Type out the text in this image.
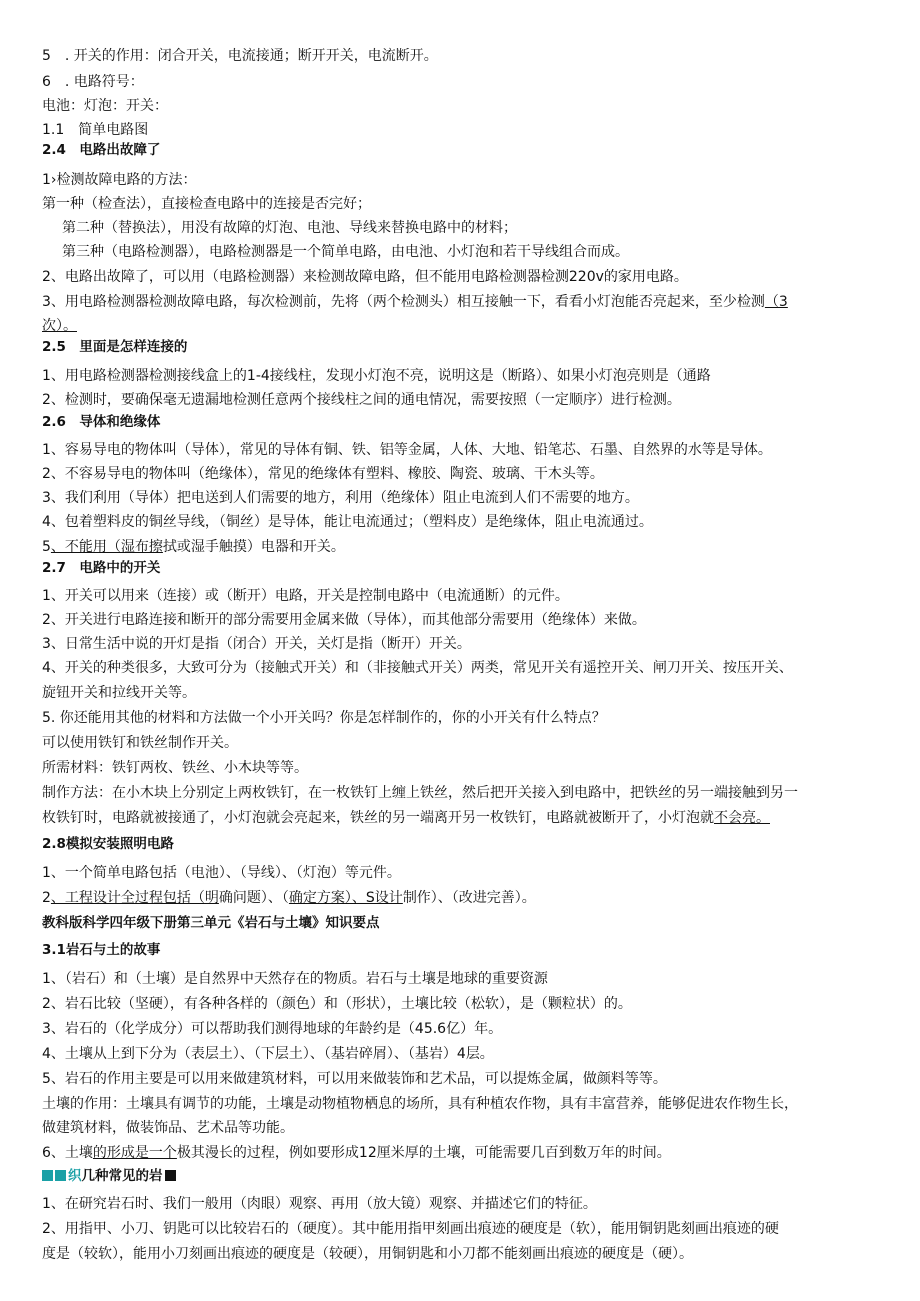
5　. 开关的作用：闭合开关，电流接通；断开开关，电流断开。
6　. 电路符号：
电池：灯泡：开关：
1.1　简单电路图
2.4　电路出故障了
1›检测故障电路的方法：
第一种（检查法），直接检查电路中的连接是否完好；
第二种（替换法），用没有故障的灯泡、电池、导线来替换电路中的材料；
第三种（电路检测器），电路检测器是一个简单电路，由电池、小灯泡和若干导线组合而成。
2、电路出故障了，可以用（电路检测器）来检测故障电路，但不能用电路检测器检测220v的家用电路。
3、用电路检测器检测故障电路，每次检测前，先将（两个检测头）相互接触一下，看看小灯泡能否亮起来，至少检测（3
次）。
2.5　里面是怎样连接的
1、用电路检测器检测接线盒上的1-4接线柱，发现小灯泡不亮，说明这是（断路）、如果小灯泡亮则是（通路
2、检测时，要确保毫无遗漏地检测任意两个接线柱之间的通电情况，需要按照（一定顺序）进行检测。
2.6　导体和绝缘体
1、容易导电的物体叫（导体），常见的导体有铜、铁、铝等金属，人体、大地、铅笔芯、石墨、自然界的水等是导体。
2、不容易导电的物体叫（绝缘体），常见的绝缘体有塑料、橡胶、陶瓷、玻璃、干木头等。
3、我们利用（导体）把电送到人们需要的地方，利用（绝缘体）阻止电流到人们不需要的地方。
4、包着塑料皮的铜丝导线，（铜丝）是导体，能让电流通过；（塑料皮）是绝缘体，阻止电流通过。
5、不能用（湿布擦拭或湿手触摸）电器和开关。
2.7　电路中的开关
1、开关可以用来（连接）或（断开）电路，开关是控制电路中（电流通断）的元件。
2、开关进行电路连接和断开的部分需要用金属来做（导体），而其他部分需要用（绝缘体）来做。
3、日常生活中说的开灯是指（闭合）开关，关灯是指（断开）开关。
4、开关的种类很多，大致可分为（接触式开关）和（非接触式开关）两类，常见开关有遥控开关、闸刀开关、按压开关、
旋钮开关和拉线开关等。
5. 你还能用其他的材料和方法做一个小开关吗？你是怎样制作的，你的小开关有什么特点？
可以使用铁钉和铁丝制作开关。
所需材料：铁钉两枚、铁丝、小木块等等。
制作方法：在小木块上分别定上两枚铁钉，在一枚铁钉上缠上铁丝，然后把开关接入到电路中，把铁丝的另一端接触到另一
枚铁钉时，电路就被接通了，小灯泡就会亮起来，铁丝的另一端离开另一枚铁钉，电路就被断开了，小灯泡就不会亮。
2.8模拟安装照明电路
1、一个简单电路包括（电池）、（导线）、（灯泡）等元件。
2、工程设计全过程包括（明确问题）、（确定方案）、S设计制作）、（改进完善）。
教科版科学四年级下册第三单元《岩石与土壤》知识要点
3.1岩石与土的故事
1、（岩石）和（土壤）是自然界中天然存在的物质。岩石与土壤是地球的重要资源
2、岩石比较（坚硬），有各种各样的（颜色）和（形状），土壤比较（松软），是（颗粒状）的。
3、岩石的（化学成分）可以帮助我们测得地球的年龄约是（45.6亿）年。
4、土壤从上到下分为（表层土）、（下层土）、（基岩碎屑）、（基岩）4层。
5、岩石的作用主要是可以用来做建筑材料，可以用来做装饰和艺术品，可以提炼金属，做颜料等等。
土壤的作用：土壤具有调节的功能，土壤是动物植物栖息的场所，具有种植农作物，具有丰富营养，能够促进农作物生长，
做建筑材料，做装饰品、艺术品等功能。
6、土壤的形成是一个极其漫长的过程，例如要形成12厘米厚的土壤，可能需要几百到数万年的时间。
织几种常见的岩
1、在研究岩石时、我们一般用（肉眼）观察、再用（放大镜）观察、并描述它们的特征。
2、用指甲、小刀、钥匙可以比较岩石的（硬度）。其中能用指甲刻画出痕迹的硬度是（软），能用铜钥匙刻画出痕迹的硬
度是（较软），能用小刀刻画出痕迹的硬度是（较硬），用铜钥匙和小刀都不能刻画出痕迹的硬度是（硬）。
